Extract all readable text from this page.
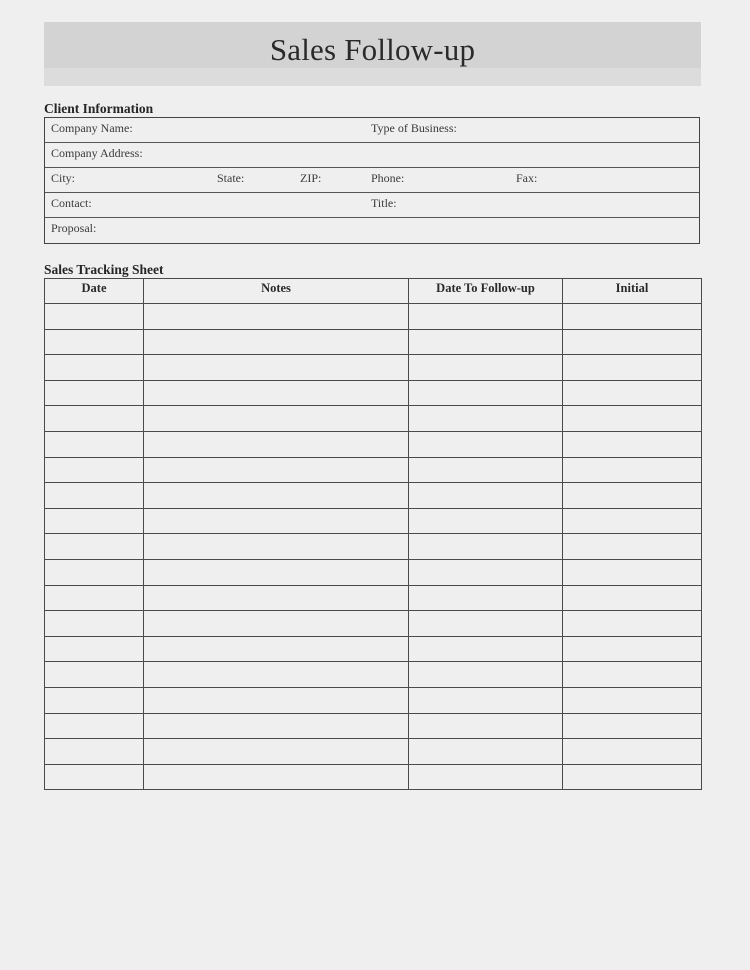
Sales Follow-up
Client Information
Company Name:	Type of Business:
Company Address:
City:	State:	ZIP:	Phone:	Fax:
Contact:	Title:
Proposal:
Sales Tracking Sheet
Date	Notes	Date To Follow-up	Initial
